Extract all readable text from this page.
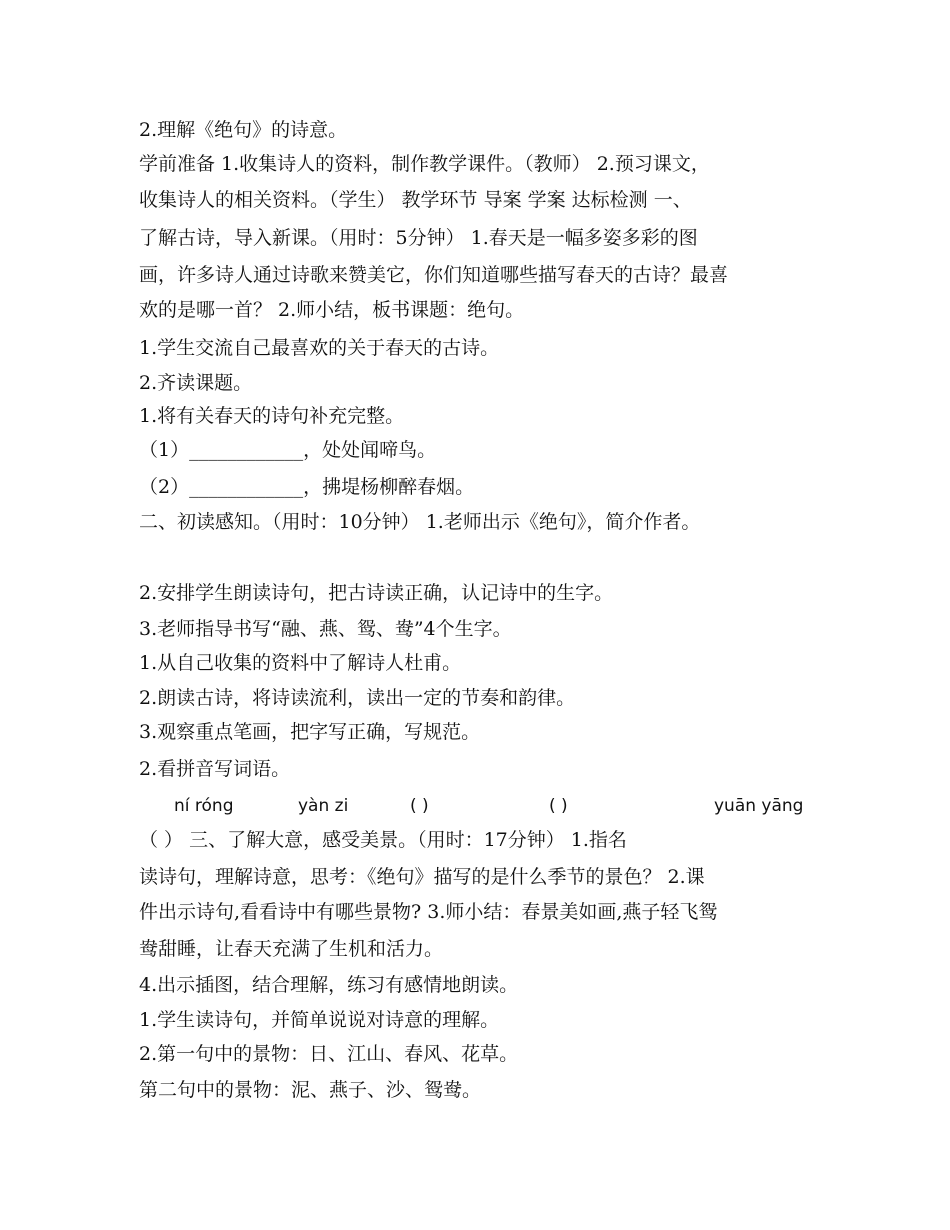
2.理解《绝句》的诗意。
学前准备 1.收集诗人的资料，制作教学课件。（教师） 2.预习课文，
收集诗人的相关资料。（学生） 教学环节 导案 学案 达标检测 一、
了解古诗，导入新课。（用时：5分钟） 1.春天是一幅多姿多彩的图
画，许多诗人通过诗歌来赞美它，你们知道哪些描写春天的古诗？最喜
欢的是哪一首？ 2.师小结，板书课题：绝句。
1.学生交流自己最喜欢的关于春天的古诗。
2.齐读课题。
1.将有关春天的诗句补充完整。
（1）____________，处处闻啼鸟。
（2）____________，拂堤杨柳醉春烟。
二、初读感知。（用时：10分钟） 1.老师出示《绝句》，简介作者。
2.安排学生朗读诗句，把古诗读正确，认记诗中的生字。
3.老师指导书写“融、燕、鸳、鸯”4个生字。
1.从自己收集的资料中了解诗人杜甫。
2.朗读古诗，将诗读流利，读出一定的节奏和韵律。
3.观察重点笔画，把字写正确，写规范。
2.看拼音写词语。
ní róng	yàn zi	( )	( )	yuān yāng
（ ） 三、了解大意，感受美景。（用时：17分钟） 1.指名
读诗句，理解诗意，思考：《绝句》描写的是什么季节的景色？ 2.课
件出示诗句,看看诗中有哪些景物? 3.师小结：春景美如画,燕子轻飞鸳
鸯甜睡，让春天充满了生机和活力。
4.出示插图，结合理解，练习有感情地朗读。
1.学生读诗句，并简单说说对诗意的理解。
2.第一句中的景物：日、江山、春风、花草。
第二句中的景物：泥、燕子、沙、鸳鸯。
